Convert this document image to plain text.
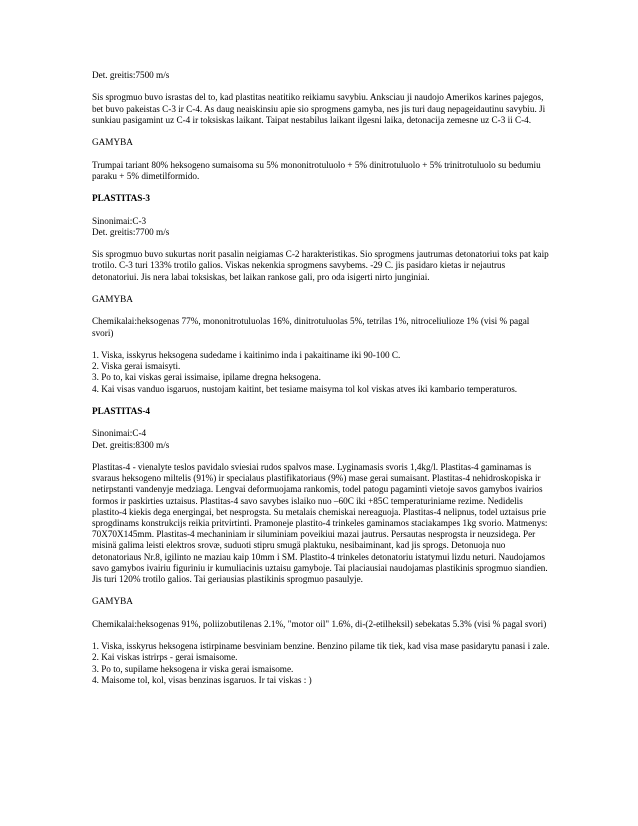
Det. greitis:7500 m/s

Sis sprogmuo buvo israstas del to, kad plastitas neatitiko reikiamu savybiu. Anksciau ji naudojo Amerikos karines pajegos, bet buvo pakeistas C-3 ir C-4. As daug neaiskinsiu apie sio sprogmens gamyba, nes jis turi daug nepageidautinu savybiu. Ji sunkiau pasigamint uz C-4 ir toksiskas laikant. Taipat nestabilus laikant ilgesni laika, detonacija zemesne uz C-3 ii C-4.

GAMYBA

Trumpai tariant 80% heksogeno sumaisoma su 5% mononitrotuluolo + 5% dinitrotuluolo + 5% trinitrotuluolo su bedumiu paraku + 5% dimetilformido.

PLASTITAS-3

Sinonimai:C-3
Det. greitis:7700 m/s

Sis sprogmuo buvo sukurtas norit pasalin neigiamas C-2 harakteristikas. Sio sprogmens jautrumas detonatoriui toks pat kaip trotilo. C-3 turi 133% trotilo galios. Viskas nekenkia sprogmens savybems. -29 C. jis pasidaro kietas ir nejautrus detonatoriui. Jis nera labai toksiskas, bet laikan rankose gali, pro oda isigerti nirto junginiai.

GAMYBA

Chemikalai:heksogenas 77%, mononitrotuluolas 16%, dinitrotuluolas 5%, tetrilas 1%, nitroceliulioze 1% (visi % pagal svori)

1. Viska, isskyrus heksogena sudedame i kaitinimo inda i pakaitiname iki 90-100 C.
2. Viska gerai ismaisyti.
3. Po to, kai viskas gerai issimaise, ipilame dregna heksogena.
4. Kai visas vanduo isgaruos, nustojam kaitint, bet tesiame maisyma tol kol viskas atves iki kambario temperaturos.

PLASTITAS-4

Sinonimai:C-4
Det. greitis:8300 m/s

Plastitas-4 - vienalyte teslos pavidalo sviesiai rudos spalvos mase. Lyginamasis svoris 1,4kg/l. Plastitas-4 gaminamas is svaraus heksogeno miltelis (91%) ir specialaus plastifikatoriaus (9%) mase gerai sumaisant. Plastitas-4 nehidroskopiska ir netirpstanti vandenyje medziaga. Lengvai deformuojama rankomis, todel patogu pagaminti vietoje savos gamybos ivairios formos ir paskirties uztaisus. Plastitas-4 savo savybes islaiko nuo –60C iki +85C temperaturiniame rezime. Nedidelis plastito-4 kiekis dega energingai, bet nesprogsta. Su metalais chemiskai nereaguoja. Plastitas-4 nelipnus, todel uztaisus prie sprogdinams konstrukcijs reikia pritvirtinti. Pramoneje plastito-4 trinkeles gaminamos staciakampes 1kg svorio. Matmenys: 70X70X145mm. Plastitas-4 mechaniniam ir siluminiam poveikiui mazai jautrus. Persautas nesprogsta ir neuzsidega. Per misinä galima leisti elektros srovæ, suduoti stipru smugä plaktuku, nesibaiminant, kad jis sprogs. Detonuoja nuo detonatoriaus Nr.8, igilinto ne maziau kaip 10mm i SM. Plastito-4 trinkeles detonatoriu istatymui lizdu neturi. Naudojamos savo gamybos ivairiu figuriniu ir kumuliacinis uztaisu gamyboje. Tai placiausiai naudojamas plastikinis sprogmuo siandien. Jis turi 120% trotilo galios. Tai geriausias plastikinis sprogmuo pasaulyje.

GAMYBA

Chemikalai:heksogenas 91%, poliizobutilenas 2.1%, "motor oil" 1.6%, di-(2-etilheksil) sebekatas 5.3% (visi % pagal svori)

1. Viska, isskyrus heksogena istirpiname besviniam benzine. Benzino pilame tik tiek, kad visa mase pasidarytu panasi i zale.
2. Kai viskas istrirps - gerai ismaisome.
3. Po to, supilame heksogena ir viska gerai ismaisome.
4. Maisome tol, kol, visas benzinas isgaruos. Ir tai viskas : )
